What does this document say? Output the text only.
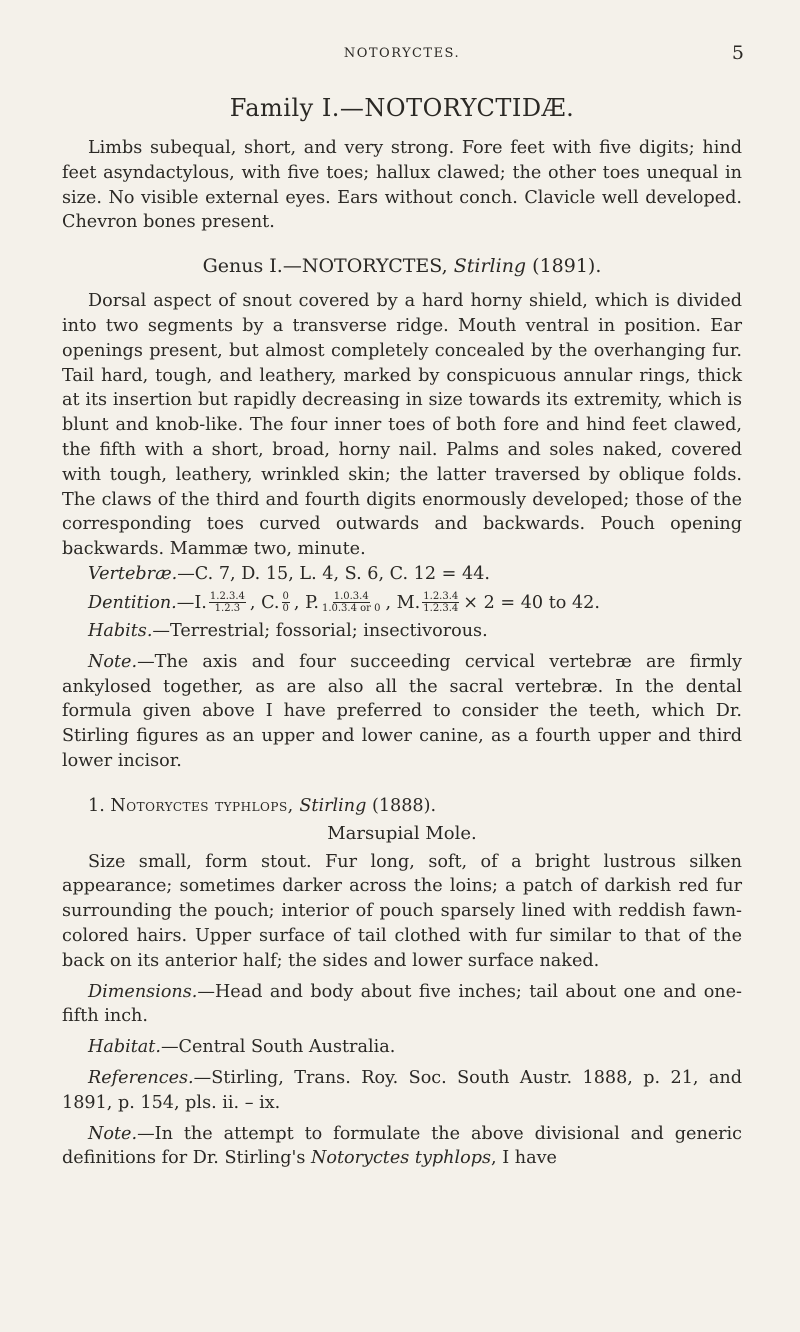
NOTORYCTES.	5
Family I.—NOTORYCTIDÆ.

Limbs subequal, short, and very strong. Fore feet with five digits; hind feet asyndactylous, with five toes; hallux clawed; the other toes unequal in size. No visible external eyes. Ears without conch. Clavicle well developed. Chevron bones present.

Genus I.—NOTORYCTES, Stirling (1891).

Dorsal aspect of snout covered by a hard horny shield, which is divided into two segments by a transverse ridge. Mouth ventral in position. Ear openings present, but almost completely concealed by the overhanging fur. Tail hard, tough, and leathery, marked by conspicuous annular rings, thick at its insertion but rapidly decreasing in size towards its extremity, which is blunt and knob-like. The four inner toes of both fore and hind feet clawed, the fifth with a short, broad, horny nail. Palms and soles naked, covered with tough, leathery, wrinkled skin; the latter traversed by oblique folds. The claws of the third and fourth digits enormously developed; those of the corresponding toes curved outwards and backwards. Pouch opening backwards. Mammæ two, minute.

Vertebræ.—C. 7, D. 15, L. 4, S. 6, C. 12 = 44.

Dentition. —I. $\frac{1.2.3.4}{1.2.3}$ , C. $\frac{0}{0}$ , P. $\frac{1.0.3.4}{1.0.3.4 or 0}$ , M. $\frac{1.2.3.4}{1.2.3.4} \times 2 = 40$ to 42.

Habits.—Terrestrial; fossorial; insectivorous.

Note.—The axis and four succeeding cervical vertebræ are firmly ankylosed together, as are also all the sacral vertebræ. In the dental formula given above I have preferred to consider the teeth, which Dr. Stirling figures as an upper and lower canine, as a fourth upper and third lower incisor.

1. Notoryctes typhlops, Stirling (1888).

Marsupial Mole.

Size small, form stout. Fur long, soft, of a bright lustrous silken appearance; sometimes darker across the loins; a patch of darkish red fur surrounding the pouch; interior of pouch sparsely lined with reddish fawn-colored hairs. Upper surface of tail clothed with fur similar to that of the back on its anterior half; the sides and lower surface naked.

Dimensions.—Head and body about five inches; tail about one and one-fifth inch.

Habitat.—Central South Australia.

References.—Stirling, Trans. Roy. Soc. South Austr. 1888, p. 21, and 1891, p. 154, pls. ii. – ix.

Note.—In the attempt to formulate the above divisional and generic definitions for Dr. Stirling's Notoryctes typhlops, I have
